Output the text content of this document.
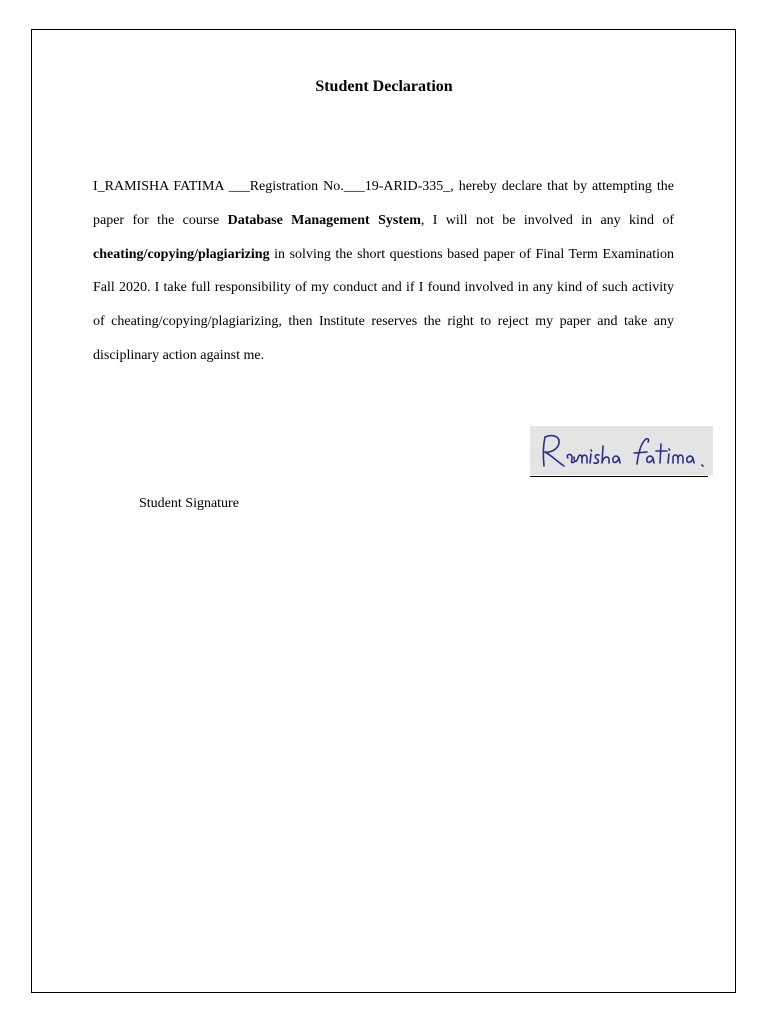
Student Declaration

I_RAMISHA FATIMA ___Registration No.___19-ARID-335_, hereby declare that by attempting the paper for the course Database Management System, I will not be involved in any kind of cheating/copying/plagiarizing in solving the short questions based paper of Final Term Examination Fall 2020. I take full responsibility of my conduct and if I found involved in any kind of such activity of cheating/copying/plagiarizing, then Institute reserves the right to reject my paper and take any disciplinary action against me.

Student Signature
